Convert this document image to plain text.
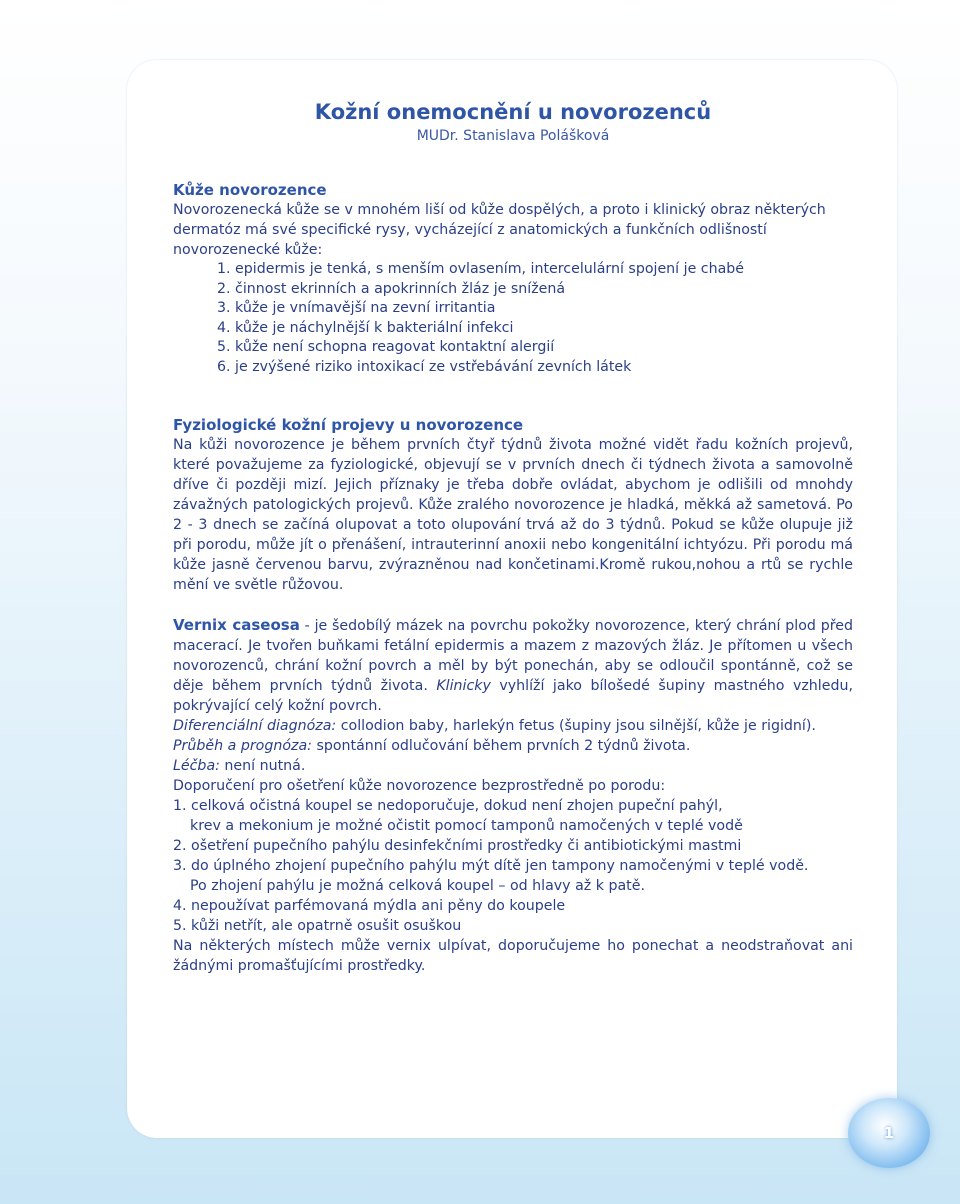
Kožní onemocnění u novorozenců
MUDr. Stanislava Polášková
Kůže novorozence

Novorozenecká kůže se v mnohém liší od kůže dospělých, a proto i klinický obraz některých dermatóz má své specifické rysy, vycházející z anatomických a funkčních odlišností novorozenecké kůže:

1. epidermis je tenká, s menším ovlasením, intercelulární spojení je chabé
2. činnost ekrinních a apokrinních žláz je snížená
3. kůže je vnímavější na zevní irritantia
4. kůže je náchylnější k bakteriální infekci
5. kůže není schopna reagovat kontaktní alergií
6. je zvýšené riziko intoxikací ze vstřebávání zevních látek
Fyziologické kožní projevy u novorozence

Na kůži novorozence je během prvních čtyř týdnů života možné vidět řadu kožních projevů, které považujeme za fyziologické, objevují se v prvních dnech či týdnech života a samovolně dříve či později mizí. Jejich příznaky je třeba dobře ovládat, abychom je odlišili od mnohdy závažných patologických projevů. Kůže zralého novorozence je hladká, měkká až sametová. Po 2 - 3 dnech se začíná olupovat a toto olupování trvá až do 3 týdnů. Pokud se kůže olupuje již při porodu, může jít o přenášení, intrauterinní anoxii nebo kongenitální ichtyózu. Při porodu má kůže jasně červenou barvu, zvýrazněnou nad končetinami.Kromě rukou,nohou a rtů se rychle mění ve světle růžovou.

Vernix caseosa - je šedobílý mázek na povrchu pokožky novorozence, který chrání plod před macerací. Je tvořen buňkami fetální epidermis a mazem z mazových žláz. Je přítomen u všech novorozenců, chrání kožní povrch a měl by být ponechán, aby se odloučil spontánně, což se děje během prvních týdnů života. Klinicky vyhlíží jako bílošedé šupiny mastného vzhledu, pokrývající celý kožní povrch.

Diferenciální diagnóza: collodion baby, harlekýn fetus (šupiny jsou silnější, kůže je rigidní).

Průběh a prognóza: spontánní odlučování během prvních 2 týdnů života.

Léčba: není nutná.

Doporučení pro ošetření kůže novorozence bezprostředně po porodu:

1. celková očistná koupel se nedoporučuje, dokud není zhojen pupeční pahýl,
krev a mekonium je možné očistit pomocí tamponů namočených v teplé vodě
2. ošetření pupečního pahýlu desinfekčními prostředky či antibiotickými mastmi
3. do úplného zhojení pupečního pahýlu mýt dítě jen tampony namočenými v teplé vodě.
Po zhojení pahýlu je možná celková koupel – od hlavy až k patě.
4. nepoužívat parfémovaná mýdla ani pěny do koupele
5. kůži netřít, ale opatrně osušit osuškou

Na některých místech může vernix ulpívat, doporučujeme ho ponechat a neodstraňovat ani žádnými promašťujícími prostředky.

1
